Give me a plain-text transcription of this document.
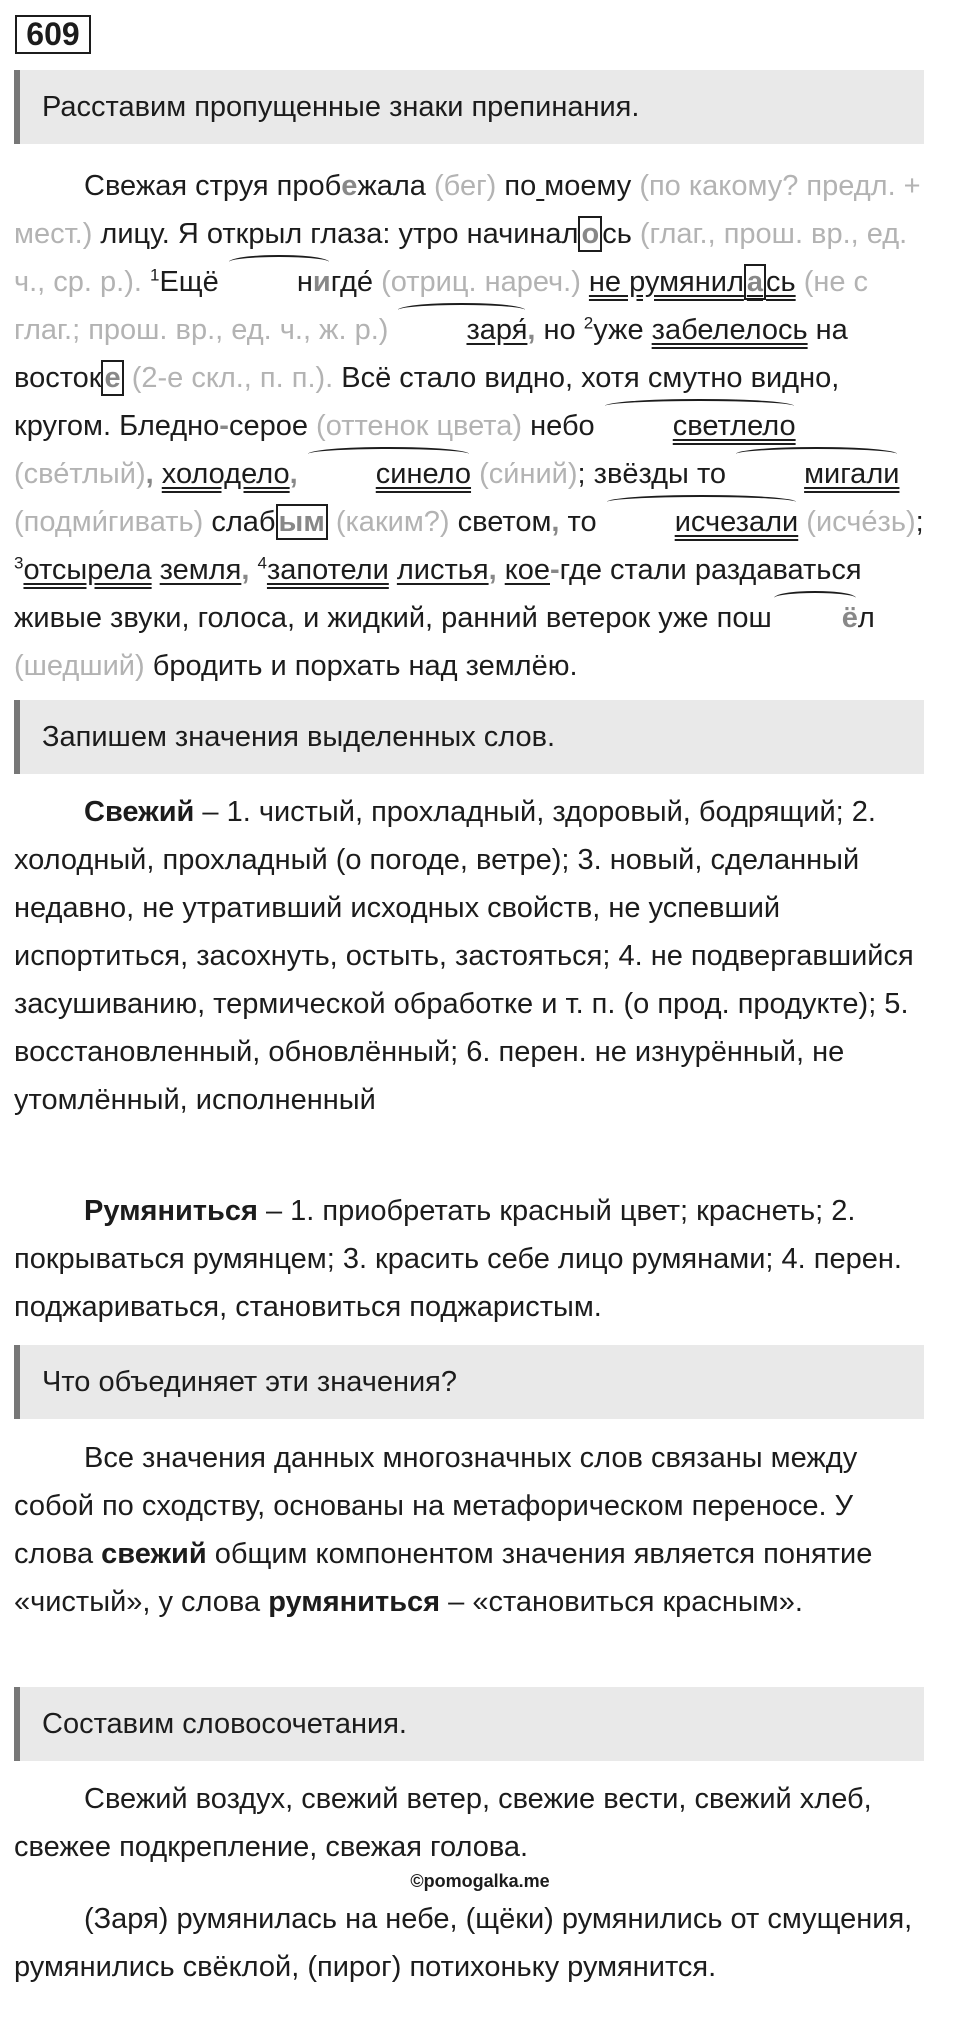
609
Расставим пропущенные знаки препинания.

Свежая струя пробежала (бег) по моему (по какому? предл. + мест.) лицу. Я открыл глаза: утро начинал о сь (глаг., прош. вр., ед. ч., ср. р.). $^1$Ещё	нигде́ (отриц. нареч.) не румянил а сь (не с глаг.; прош. вр., ед. ч., ж. р.)	заря́, но $^2$уже забелелось на восток е (2-е скл., п. п.). Всё стало видно, хотя смутно видно, кругом. Бледно-серое (оттенок цвета) небо	светлело (све́тлый), холодело,	синело (си́ний); звёзды то	мигали (подми́гивать) слаб ым (каким?) светом, то	исчезали (исче́зь); $^3$отсырела земля, $^4$запотели листья, кое-где стали раздаваться живые звуки, голоса, и жидкий, ранний ветерок уже пош ёл (шедший) бродить и порхать над землёю.

Запишем значения выделенных слов.

Свежий – 1. чистый, прохладный, здоровый, бодрящий; 2. холодный, прохладный (о погоде, ветре); 3. новый, сделанный недавно, не утративший исходных свойств, не успевший испортиться, засохнуть, остыть, застояться; 4. не подвергавшийся засушиванию, термической обработке и т. п. (о прод. продукте); 5. восстановленный, обновлённый; 6. перен. не изнурённый, не утомлённый, исполненный

Румяниться – 1. приобретать красный цвет; краснеть; 2. покрываться румянцем; 3. красить себе лицо румянами; 4. перен. поджариваться, становиться поджаристым.

Что объединяет эти значения?

Все значения данных многозначных слов связаны между собой по сходству, основаны на метафорическом переносе. У слова свежий общим компонентом значения является понятие «чистый», у слова румяниться – «становиться красным».

Составим словосочетания.

Свежий воздух, свежий ветер, свежие вести, свежий хлеб, свежее подкрепление, свежая голова.

©pomogalka.me

(Заря) румянилась на небе, (щёки) румянились от смущения, румянились свёклой, (пирог) потихоньку румянится.
